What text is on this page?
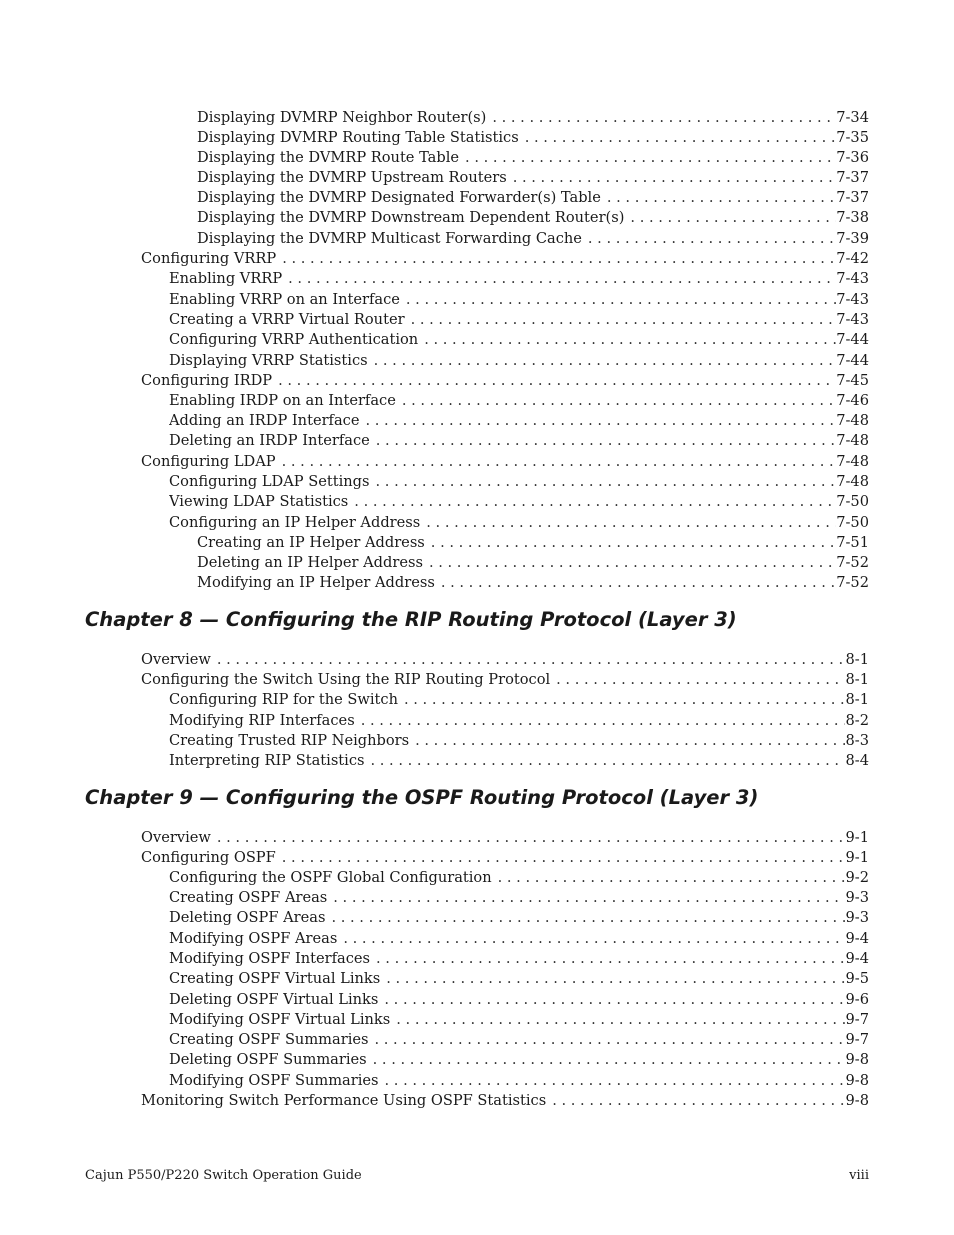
Displaying DVMRP Neighbor Router(s) . . .	7-34
Displaying DVMRP Routing Table Statistics . . .	7-35
Displaying the DVMRP Route Table . . .	7-36
Displaying the DVMRP Upstream Routers . . .	7-37
Displaying the DVMRP Designated Forwarder(s) Table . . .	7-37
Displaying the DVMRP Downstream Dependent Router(s) . . .	7-38
Displaying the DVMRP Multicast Forwarding Cache . . .	7-39
Configuring VRRP . . .	7-42
Enabling VRRP . . .	7-43
Enabling VRRP on an Interface . . .	7-43
Creating a VRRP Virtual Router . . .	7-43
Configuring VRRP Authentication . . .	7-44
Displaying VRRP Statistics . . .	7-44
Configuring IRDP . . .	7-45
Enabling IRDP on an Interface . . .	7-46
Adding an IRDP Interface . . .	7-48
Deleting an IRDP Interface . . .	7-48
Configuring LDAP . . .	7-48
Configuring LDAP Settings . . .	7-48
Viewing LDAP Statistics . . .	7-50
Configuring an IP Helper Address . . .	7-50
Creating an IP Helper Address . . .	7-51
Deleting an IP Helper Address . . .	7-52
Modifying an IP Helper Address . . .	7-52
Chapter 8 — Configuring the RIP Routing Protocol (Layer 3)
Overview . . .	8-1
Configuring the Switch Using the RIP Routing Protocol . . .	8-1
Configuring RIP for the Switch . . .	8-1
Modifying RIP Interfaces . . .	8-2
Creating Trusted RIP Neighbors . . .	8-3
Interpreting RIP Statistics . . .	8-4
Chapter 9 — Configuring the OSPF Routing Protocol (Layer 3)
Overview . . .	9-1
Configuring OSPF . . .	9-1
Configuring the OSPF Global Configuration . . .	9-2
Creating OSPF Areas . . .	9-3
Deleting OSPF Areas . . .	9-3
Modifying OSPF Areas . . .	9-4
Modifying OSPF Interfaces . . .	9-4
Creating OSPF Virtual Links . . .	9-5
Deleting OSPF Virtual Links . . .	9-6
Modifying OSPF Virtual Links . . .	9-7
Creating OSPF Summaries . . .	9-7
Deleting OSPF Summaries . . .	9-8
Modifying OSPF Summaries . . .	9-8
Monitoring Switch Performance Using OSPF Statistics . . .	9-8
Cajun P550/P220 Switch Operation Guide	viii
